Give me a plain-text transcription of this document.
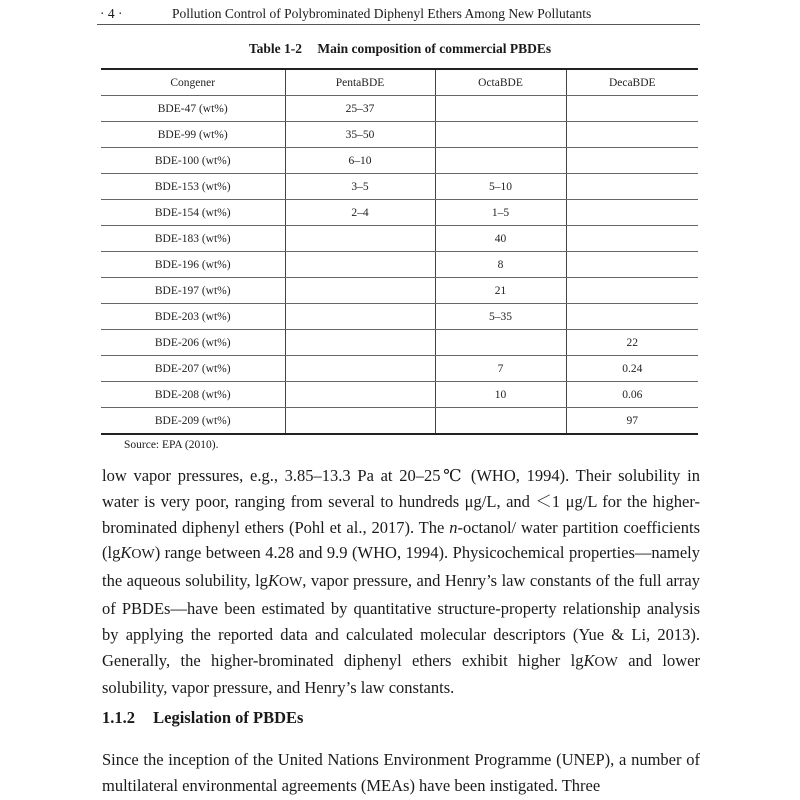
· 4 ·	Pollution Control of Polybrominated Diphenyl Ethers Among New Pollutants
Table 1-2 Main composition of commercial PBDEs
Congener	PentaBDE	OctaBDE	DecaBDE
BDE-47 (wt%)	25–37		
BDE-99 (wt%)	35–50		
BDE-100 (wt%)	6–10		
BDE-153 (wt%)	3–5	5–10	
BDE-154 (wt%)	2–4	1–5	
BDE-183 (wt%)		40	
BDE-196 (wt%)		8	
BDE-197 (wt%)		21	
BDE-203 (wt%)		5–35	
BDE-206 (wt%)			22
BDE-207 (wt%)		7	0.24
BDE-208 (wt%)		10	0.06
BDE-209 (wt%)			97
Source: EPA (2010).

low vapor pressures, e.g., 3.85–13.3 Pa at 20–25℃ (WHO, 1994). Their solubility in water is very poor, ranging from several to hundreds μg/L, and ＜1 μg/L for the higher-brominated diphenyl ethers (Pohl et al., 2017). The n-octanol/ water partition coefficients (lgKOW) range between 4.28 and 9.9 (WHO, 1994). Physicochemical properties—namely the aqueous solubility, lgKOW, vapor pressure, and Henry’s law constants of the full array of PBDEs—have been estimated by quantitative structure-property relationship analysis by applying the reported data and calculated molecular descriptors (Yue & Li, 2013). Generally, the higher-brominated diphenyl ethers exhibit higher lgKOW and lower solubility, vapor pressure, and Henry’s law constants.

1.1.2 Legislation of PBDEs

Since the inception of the United Nations Environment Programme (UNEP), a number of multilateral environmental agreements (MEAs) have been instigated. Three
